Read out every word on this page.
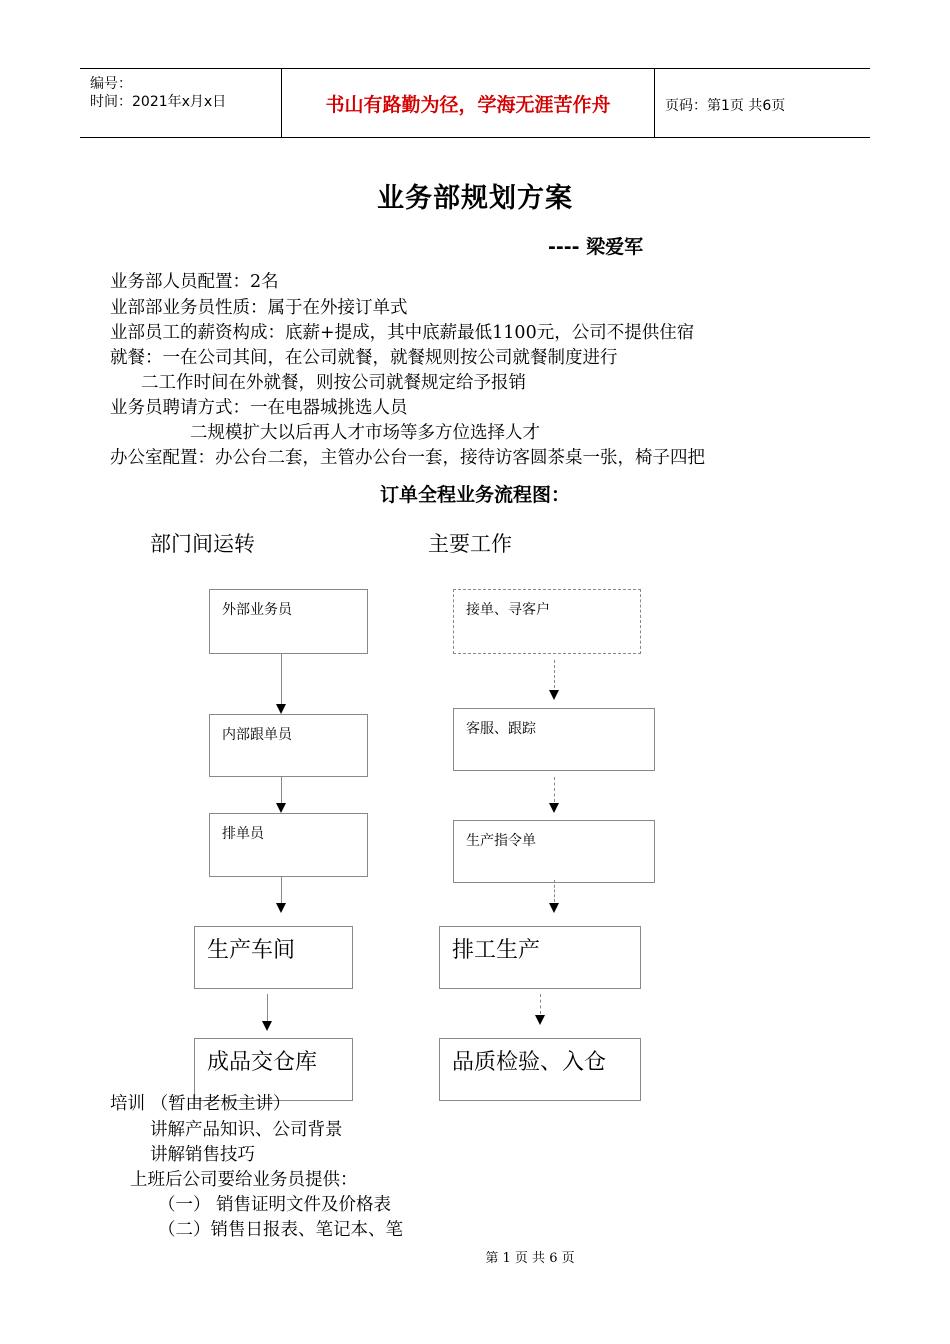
编号：
时间：2021年x月x日	书山有路勤为径，学海无涯苦作舟	页码：第1页 共6页
业务部规划方案
---- 梁爱军
业务部人员配置：2名
业部部业务员性质：属于在外接订单式
业部员工的薪资构成：底薪+提成，其中底薪最低1100元，公司不提供住宿
就餐：一在公司其间，在公司就餐，就餐规则按公司就餐制度进行
二工作时间在外就餐，则按公司就餐规定给予报销
业务员聘请方式：一在电器城挑选人员
二规模扩大以后再人才市场等多方位选择人才
办公室配置：办公台二套，主管办公台一套，接待访客圆茶桌一张，椅子四把
订单全程业务流程图：
部门间运转	主要工作
外部业务员
内部跟单员
排单员
生产车间
成品交仓库
接单、寻客户
客服、跟踪
生产指令单
排工生产
品质检验、入仓
培训 （暂由老板主讲）
讲解产品知识、公司背景
讲解销售技巧
上班后公司要给业务员提供：
（一） 销售证明文件及价格表
（二）销售日报表、笔记本、笔
第 1 页 共 6 页
